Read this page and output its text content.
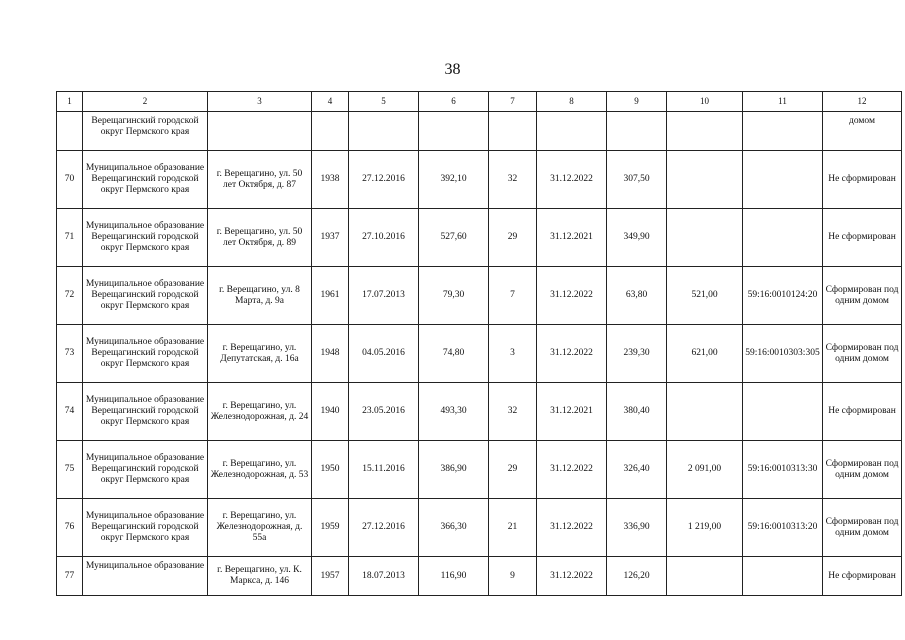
38
1	2	3	4	5	6	7	8	9	10	11	12
	Верещагинский городской округ Пермского края										домом
70	Муниципальное образование Верещагинский городской округ Пермского края	г. Верещагино, ул. 50 лет Октября, д. 87	1938	27.12.2016	392,10	32	31.12.2022	307,50			Не сформирован
71	Муниципальное образование Верещагинский городской округ Пермского края	г. Верещагино, ул. 50 лет Октября, д. 89	1937	27.10.2016	527,60	29	31.12.2021	349,90			Не сформирован
72	Муниципальное образование Верещагинский городской округ Пермского края	г. Верещагино, ул. 8 Марта, д. 9а	1961	17.07.2013	79,30	7	31.12.2022	63,80	521,00	59:16:0010124:20	Сформирован под одним домом
73	Муниципальное образование Верещагинский городской округ Пермского края	г. Верещагино, ул. Депутатская, д. 16а	1948	04.05.2016	74,80	3	31.12.2022	239,30	621,00	59:16:0010303:305	Сформирован под одним домом
74	Муниципальное образование Верещагинский городской округ Пермского края	г. Верещагино, ул. Железнодорожная, д. 24	1940	23.05.2016	493,30	32	31.12.2021	380,40			Не сформирован
75	Муниципальное образование Верещагинский городской округ Пермского края	г. Верещагино, ул. Железнодорожная, д. 53	1950	15.11.2016	386,90	29	31.12.2022	326,40	2 091,00	59:16:0010313:30	Сформирован под одним домом
76	Муниципальное образование Верещагинский городской округ Пермского края	г. Верещагино, ул. Железнодорожная, д. 55а	1959	27.12.2016	366,30	21	31.12.2022	336,90	1 219,00	59:16:0010313:20	Сформирован под одним домом
77	Муниципальное образование	г. Верещагино, ул. К. Маркса, д. 146	1957	18.07.2013	116,90	9	31.12.2022	126,20			Не сформирован
